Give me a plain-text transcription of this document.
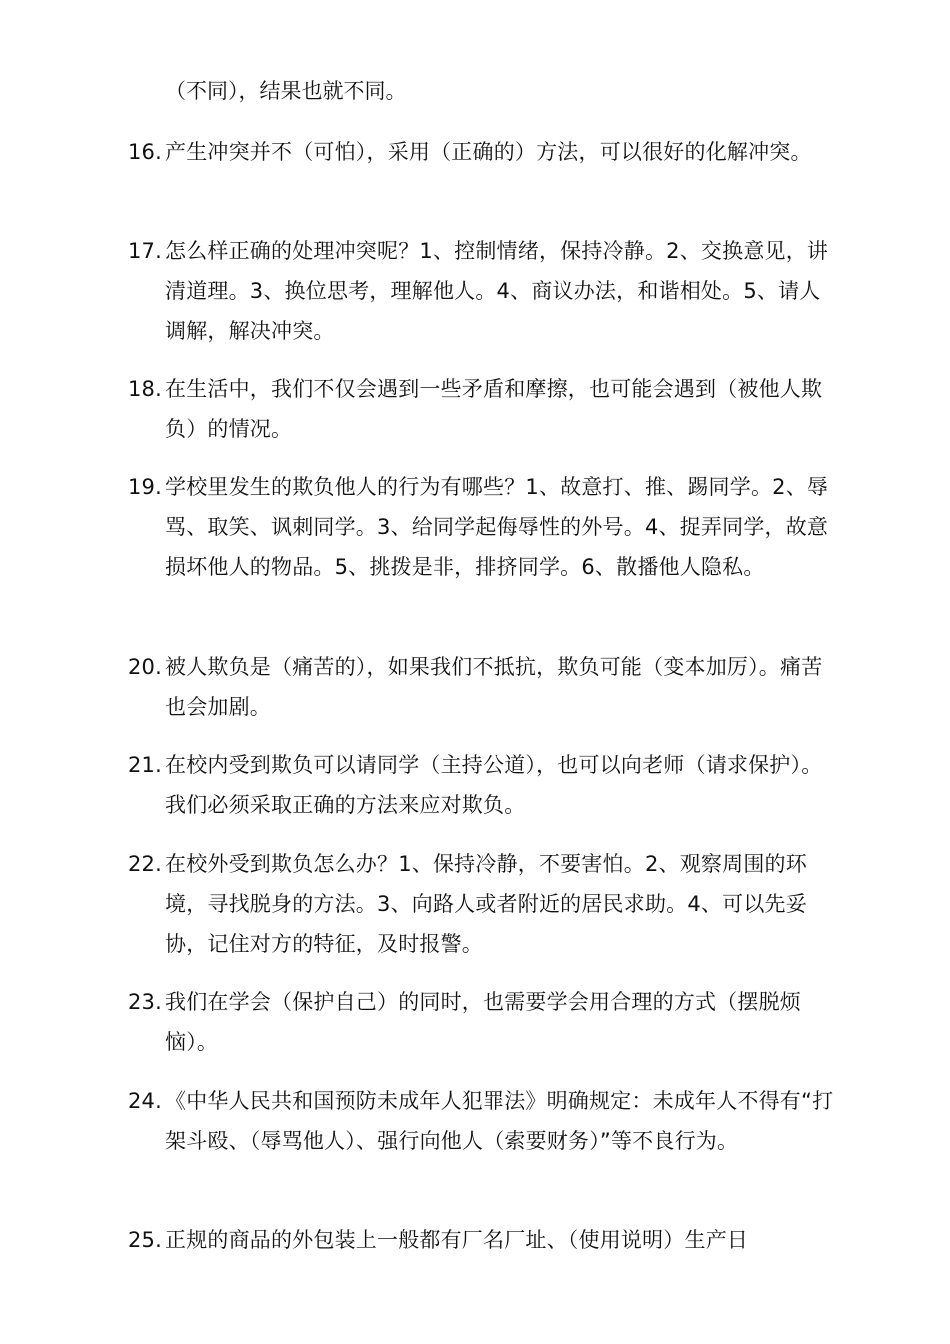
（不同），结果也就不同。
16. 产生冲突并不（可怕），采用（正确的）方法，可以很好的化解冲突。
17. 怎么样正确的处理冲突呢？1、控制情绪，保持冷静。2、交换意见，讲清道理。3、换位思考，理解他人。4、商议办法，和谐相处。5、请人调解，解决冲突。
18. 在生活中，我们不仅会遇到一些矛盾和摩擦，也可能会遇到（被他人欺负）的情况。
19. 学校里发生的欺负他人的行为有哪些？1、故意打、推、踢同学。2、辱骂、取笑、讽刺同学。3、给同学起侮辱性的外号。4、捉弄同学，故意损坏他人的物品。5、挑拨是非，排挤同学。6、散播他人隐私。
20. 被人欺负是（痛苦的），如果我们不抵抗，欺负可能（变本加厉）。痛苦也会加剧。
21. 在校内受到欺负可以请同学（主持公道），也可以向老师（请求保护）。我们必须采取正确的方法来应对欺负。
22. 在校外受到欺负怎么办？1、保持冷静，不要害怕。2、观察周围的环境，寻找脱身的方法。3、向路人或者附近的居民求助。4、可以先妥协，记住对方的特征，及时报警。
23. 我们在学会（保护自己）的同时，也需要学会用合理的方式（摆脱烦恼）。
24. 《中华人民共和国预防未成年人犯罪法》明确规定：未成年人不得有“打架斗殴、（辱骂他人）、强行向他人（索要财务）”等不良行为。
25. 正规的商品的外包装上一般都有厂名厂址、（使用说明）生产日
